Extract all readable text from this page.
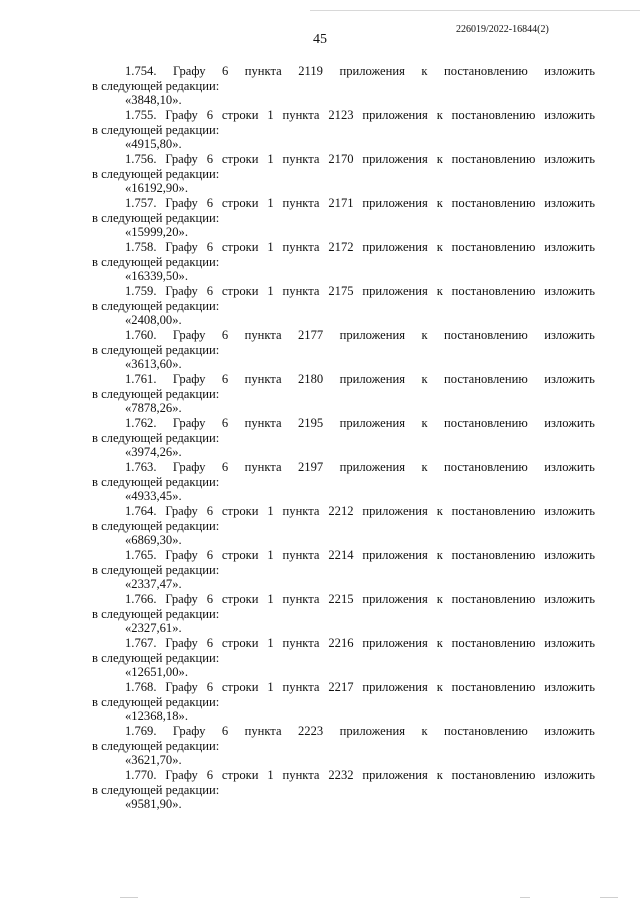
226019/2022-16844(2)
45
1.754. Графу 6 пункта 2119 приложения к постановлению изложить
в следующей редакции:
«3848,10».
1.755. Графу 6 строки 1 пункта 2123 приложения к постановлению изложить
в следующей редакции:
«4915,80».
1.756. Графу 6 строки 1 пункта 2170 приложения к постановлению изложить
в следующей редакции:
«16192,90».
1.757. Графу 6 строки 1 пункта 2171 приложения к постановлению изложить
в следующей редакции:
«15999,20».
1.758. Графу 6 строки 1 пункта 2172 приложения к постановлению изложить
в следующей редакции:
«16339,50».
1.759. Графу 6 строки 1 пункта 2175 приложения к постановлению изложить
в следующей редакции:
«2408,00».
1.760. Графу 6 пункта 2177 приложения к постановлению изложить
в следующей редакции:
«3613,60».
1.761. Графу 6 пункта 2180 приложения к постановлению изложить
в следующей редакции:
«7878,26».
1.762. Графу 6 пункта 2195 приложения к постановлению изложить
в следующей редакции:
«3974,26».
1.763. Графу 6 пункта 2197 приложения к постановлению изложить
в следующей редакции:
«4933,45».
1.764. Графу 6 строки 1 пункта 2212 приложения к постановлению изложить
в следующей редакции:
«6869,30».
1.765. Графу 6 строки 1 пункта 2214 приложения к постановлению изложить
в следующей редакции:
«2337,47».
1.766. Графу 6 строки 1 пункта 2215 приложения к постановлению изложить
в следующей редакции:
«2327,61».
1.767. Графу 6 строки 1 пункта 2216 приложения к постановлению изложить
в следующей редакции:
«12651,00».
1.768. Графу 6 строки 1 пункта 2217 приложения к постановлению изложить
в следующей редакции:
«12368,18».
1.769. Графу 6 пункта 2223 приложения к постановлению изложить
в следующей редакции:
«3621,70».
1.770. Графу 6 строки 1 пункта 2232 приложения к постановлению изложить
в следующей редакции:
«9581,90».
